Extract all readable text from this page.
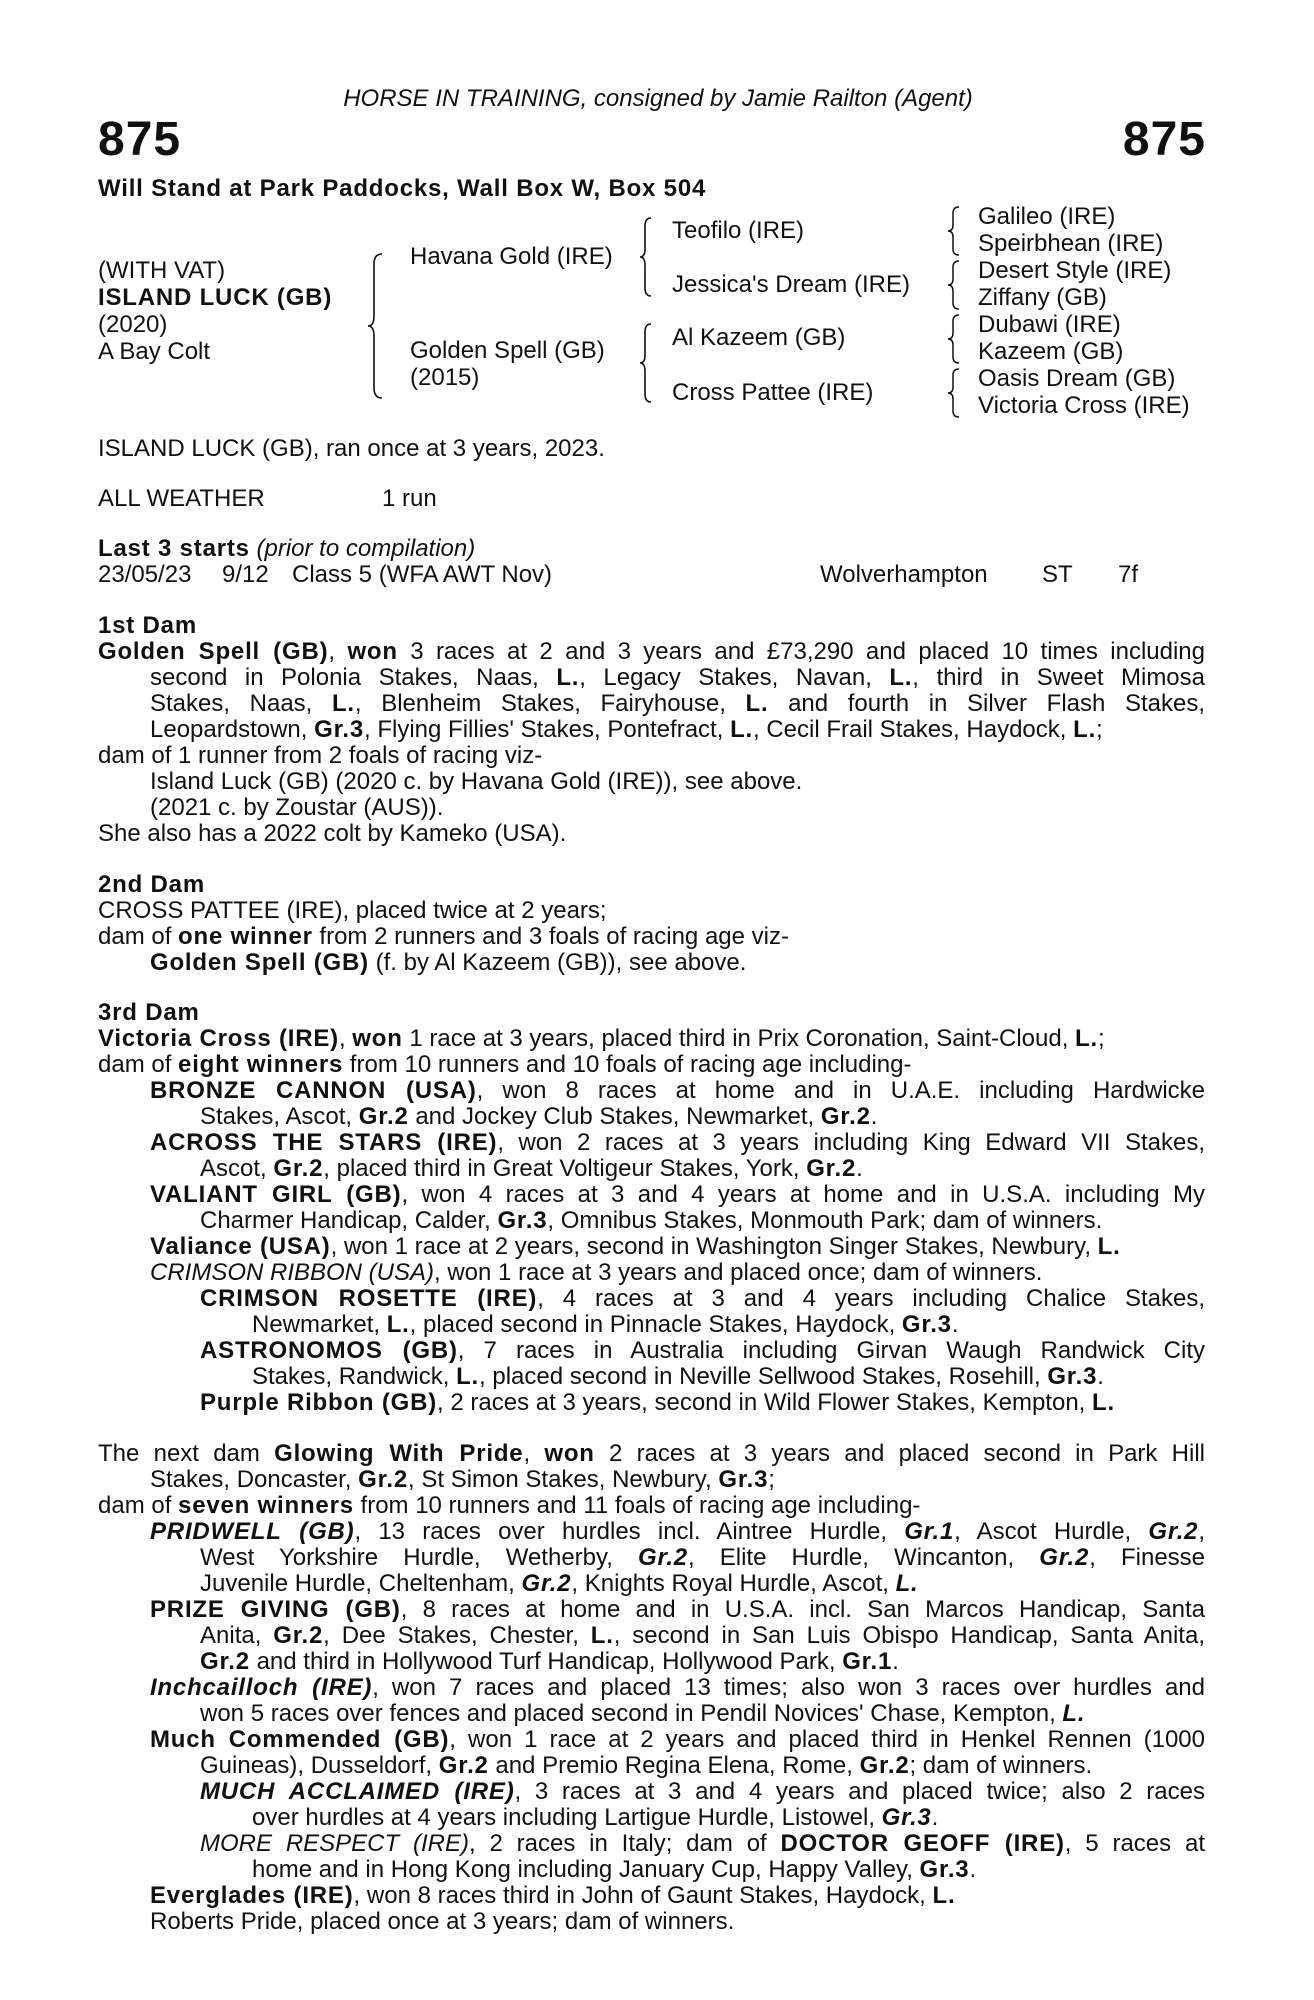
HORSE IN TRAINING, consigned by Jamie Railton (Agent)
875	875
Will Stand at Park Paddocks, Wall Box W, Box 504
(WITH VAT)
ISLAND LUCK (GB)
(2020)
A Bay Colt
Havana Gold (IRE)
Golden Spell (GB)
(2015)
Teofilo (IRE)
Jessica's Dream (IRE)
Al Kazeem (GB)
Cross Pattee (IRE)
Galileo (IRE)
Speirbhean (IRE)
Desert Style (IRE)
Ziffany (GB)
Dubawi (IRE)
Kazeem (GB)
Oasis Dream (GB)
Victoria Cross (IRE)
ISLAND LUCK (GB), ran once at 3 years, 2023.
ALL WEATHER	1 run
Last 3 starts (prior to compilation)
23/05/23 9/12 Class 5 (WFA AWT Nov)	Wolverhampton ST 7f
1st Dam
Golden Spell (GB), won 3 races at 2 and 3 years and £73,290 and placed 10 times including
second in Polonia Stakes, Naas, L., Legacy Stakes, Navan, L., third in Sweet Mimosa
Stakes, Naas, L., Blenheim Stakes, Fairyhouse, L. and fourth in Silver Flash Stakes,
Leopardstown, Gr.3, Flying Fillies' Stakes, Pontefract, L., Cecil Frail Stakes, Haydock, L.;
dam of 1 runner from 2 foals of racing viz-
Island Luck (GB) (2020 c. by Havana Gold (IRE)), see above.
(2021 c. by Zoustar (AUS)).
She also has a 2022 colt by Kameko (USA).
2nd Dam
CROSS PATTEE (IRE), placed twice at 2 years;
dam of one winner from 2 runners and 3 foals of racing age viz-
Golden Spell (GB) (f. by Al Kazeem (GB)), see above.
3rd Dam
Victoria Cross (IRE), won 1 race at 3 years, placed third in Prix Coronation, Saint-Cloud, L.;
dam of eight winners from 10 runners and 10 foals of racing age including-
BRONZE CANNON (USA), won 8 races at home and in U.A.E. including Hardwicke
Stakes, Ascot, Gr.2 and Jockey Club Stakes, Newmarket, Gr.2.
ACROSS THE STARS (IRE), won 2 races at 3 years including King Edward VII Stakes,
Ascot, Gr.2, placed third in Great Voltigeur Stakes, York, Gr.2.
VALIANT GIRL (GB), won 4 races at 3 and 4 years at home and in U.S.A. including My
Charmer Handicap, Calder, Gr.3, Omnibus Stakes, Monmouth Park; dam of winners.
Valiance (USA), won 1 race at 2 years, second in Washington Singer Stakes, Newbury, L.
CRIMSON RIBBON (USA), won 1 race at 3 years and placed once; dam of winners.
CRIMSON ROSETTE (IRE), 4 races at 3 and 4 years including Chalice Stakes,
Newmarket, L., placed second in Pinnacle Stakes, Haydock, Gr.3.
ASTRONOMOS (GB), 7 races in Australia including Girvan Waugh Randwick City
Stakes, Randwick, L., placed second in Neville Sellwood Stakes, Rosehill, Gr.3.
Purple Ribbon (GB), 2 races at 3 years, second in Wild Flower Stakes, Kempton, L.
The next dam Glowing With Pride, won 2 races at 3 years and placed second in Park Hill
Stakes, Doncaster, Gr.2, St Simon Stakes, Newbury, Gr.3;
dam of seven winners from 10 runners and 11 foals of racing age including-
PRIDWELL (GB), 13 races over hurdles incl. Aintree Hurdle, Gr.1, Ascot Hurdle, Gr.2,
West Yorkshire Hurdle, Wetherby, Gr.2, Elite Hurdle, Wincanton, Gr.2, Finesse
Juvenile Hurdle, Cheltenham, Gr.2, Knights Royal Hurdle, Ascot, L.
PRIZE GIVING (GB), 8 races at home and in U.S.A. incl. San Marcos Handicap, Santa
Anita, Gr.2, Dee Stakes, Chester, L., second in San Luis Obispo Handicap, Santa Anita,
Gr.2 and third in Hollywood Turf Handicap, Hollywood Park, Gr.1.
Inchcailloch (IRE), won 7 races and placed 13 times; also won 3 races over hurdles and
won 5 races over fences and placed second in Pendil Novices' Chase, Kempton, L.
Much Commended (GB), won 1 race at 2 years and placed third in Henkel Rennen (1000
Guineas), Dusseldorf, Gr.2 and Premio Regina Elena, Rome, Gr.2; dam of winners.
MUCH ACCLAIMED (IRE), 3 races at 3 and 4 years and placed twice; also 2 races
over hurdles at 4 years including Lartigue Hurdle, Listowel, Gr.3.
MORE RESPECT (IRE), 2 races in Italy; dam of DOCTOR GEOFF (IRE), 5 races at
home and in Hong Kong including January Cup, Happy Valley, Gr.3.
Everglades (IRE), won 8 races third in John of Gaunt Stakes, Haydock, L.
Roberts Pride, placed once at 3 years; dam of winners.
